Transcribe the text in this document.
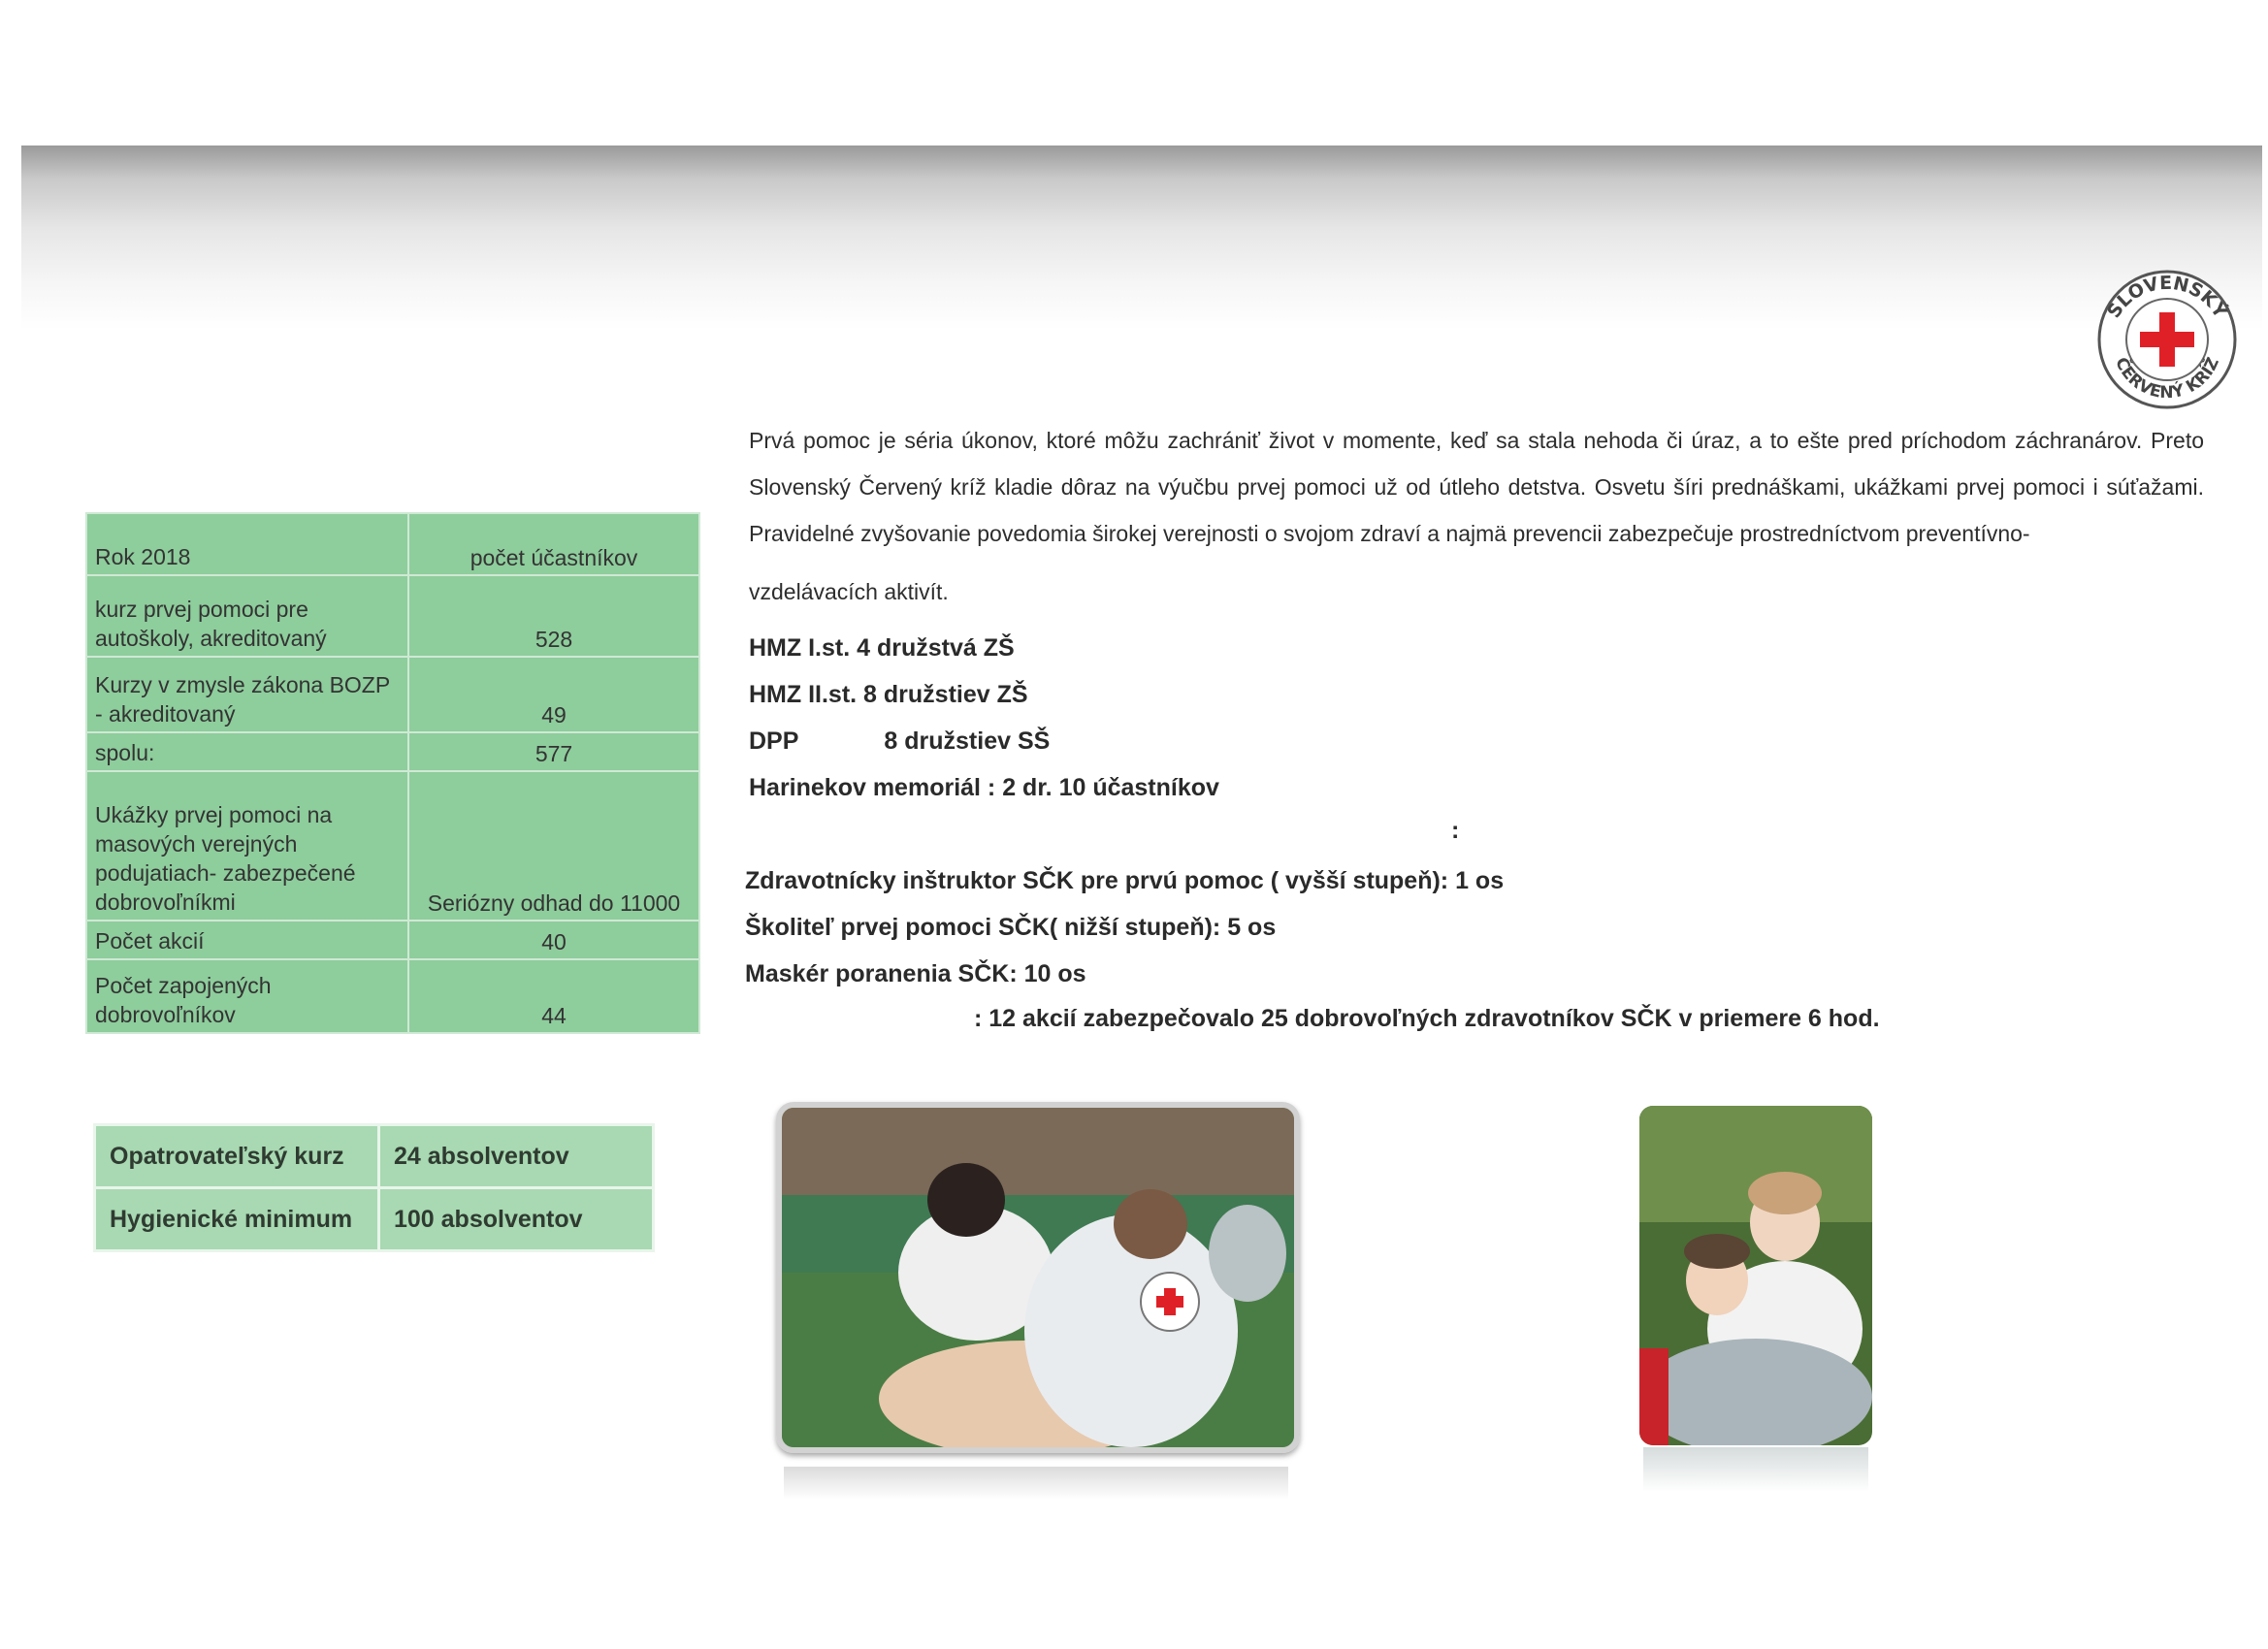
SLOVENSKÝ
ČERVENÝ KRÍŽ

Prvá pomoc je séria úkonov, ktoré môžu zachrániť život v momente, keď sa stala nehoda či úraz, a to ešte pred príchodom záchranárov. Preto Slovenský Červený kríž kladie dôraz na výučbu prvej pomoci už od útleho detstva. Osvetu šíri prednáškami, ukážkami prvej pomoci i súťažami. Pravidelné zvyšovanie povedomia širokej verejnosti o svojom zdraví a najmä prevencii zabezpečuje prostredníctvom preventívno-
vzdelávacích aktivít.

HMZ I.st. 4 družstvá ZŠ
HMZ II.st. 8 družstiev ZŠ
DPP	8 družstiev SŠ
Harinekov memoriál : 2 dr. 10 účastníkov
:
Zdravotnícky inštruktor SČK pre prvú pomoc ( vyšší stupeň): 1 os
Školiteľ prvej pomoci SČK( nižší stupeň): 5 os
Maskér poranenia SČK: 10 os
: 12 akcií zabezpečovalo 25 dobrovoľných zdravotníkov SČK v priemere 6 hod.
Rok 2018	počet účastníkov
kurz prvej pomoci pre autoškoly, akreditovaný	528
Kurzy v zmysle zákona BOZP - akreditovaný	49
spolu:	577
Ukážky prvej pomoci na masových verejných podujatiach- zabezpečené dobrovoľníkmi	Seriózny odhad do 11000
Počet akcií	40
Počet zapojených dobrovoľníkov	44
Opatrovateľský kurz	24 absolventov
Hygienické minimum	100 absolventov
